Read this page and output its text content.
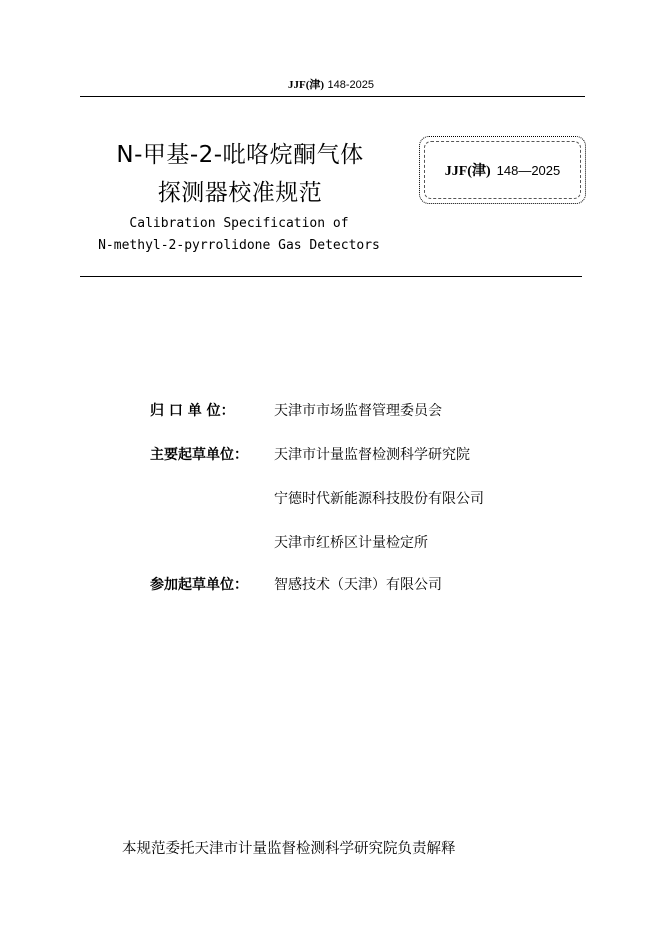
JJF(津) 148-2025
N-甲基-2-吡咯烷酮气体
探测器校准规范
Calibration Specification of
N-methyl-2-pyrrolidone Gas Detectors
JJF(津) 148—2025
归 口 单 位：	天津市市场监督管理委员会
主要起草单位： 天津市计量监督检测科学研究院
宁德时代新能源科技股份有限公司
天津市红桥区计量检定所
参加起草单位： 智感技术（天津）有限公司
本规范委托天津市计量监督检测科学研究院负责解释
